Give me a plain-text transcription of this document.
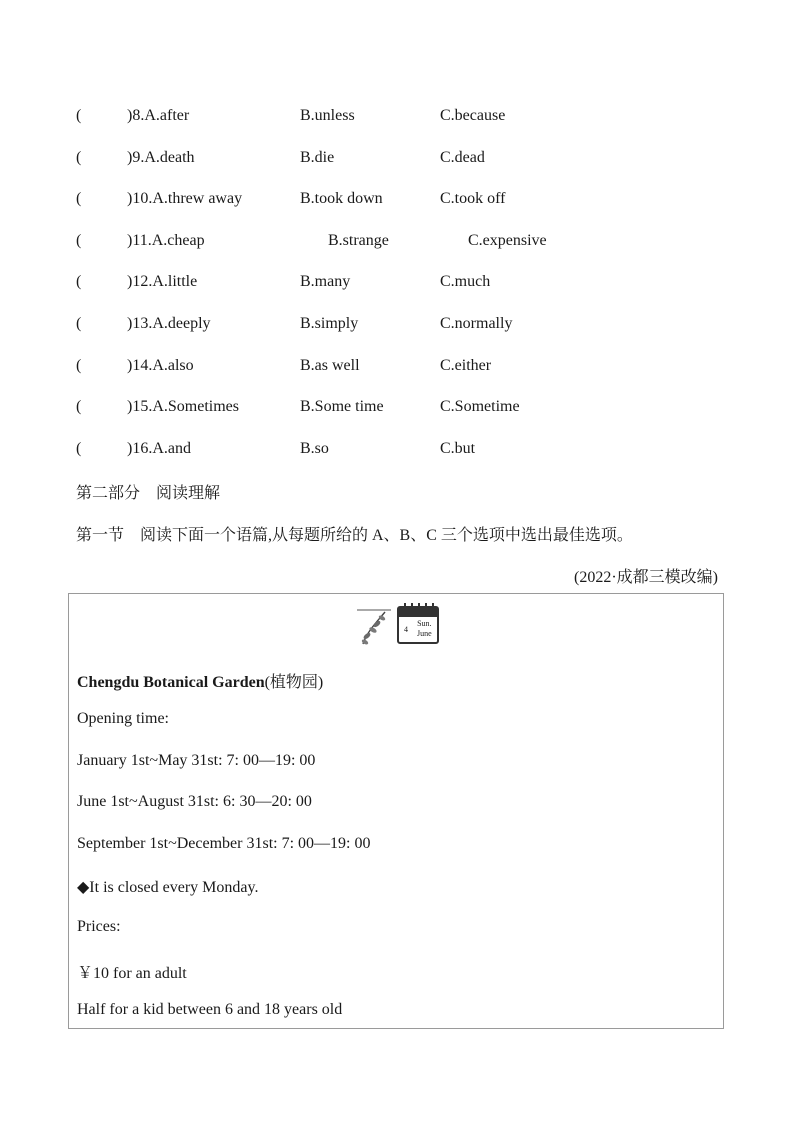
(	)8.A.after	B.unless	C.because
(	)9.A.death	B.die	C.dead
(	)10.A.threw away	B.took down	C.took off
(	)11.A.cheap	B.strange	C.expensive
(	)12.A.little	B.many	C.much
(	)13.A.deeply	B.simply	C.normally
(	)14.A.also	B.as well	C.either
(	)15.A.Sometimes	B.Some time	C.Sometime
(	)16.A.and	B.so	C.but
第二部分　阅读理解
第一节　阅读下面一个语篇,从每题所给的 A、B、C 三个选项中选出最佳选项。
(2022·成都三模改编)
4
Sun.
June
Chengdu Botanical Garden(植物园)
Opening time:
January 1st~May 31st: 7: 00—19: 00
June 1st~August 31st: 6: 30—20: 00
September 1st~December 31st: 7: 00—19: 00
◆It is closed every Monday.
Prices:
￥10 for an adult
Half for a kid between 6 and 18 years old
